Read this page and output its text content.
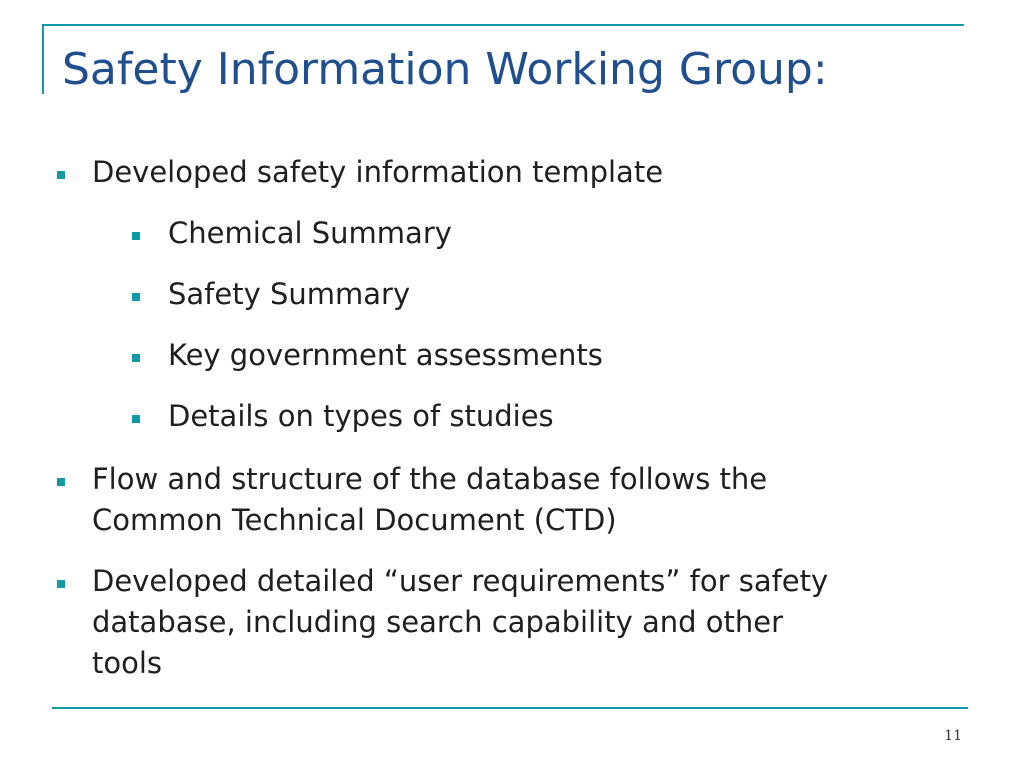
Safety Information Working Group:
Developed safety information template
Chemical Summary
Safety Summary
Key government assessments
Details on types of studies
Flow and structure of the database follows the
Common Technical Document (CTD)
Developed detailed “user requirements” for safety
database, including search capability and other
tools
11
